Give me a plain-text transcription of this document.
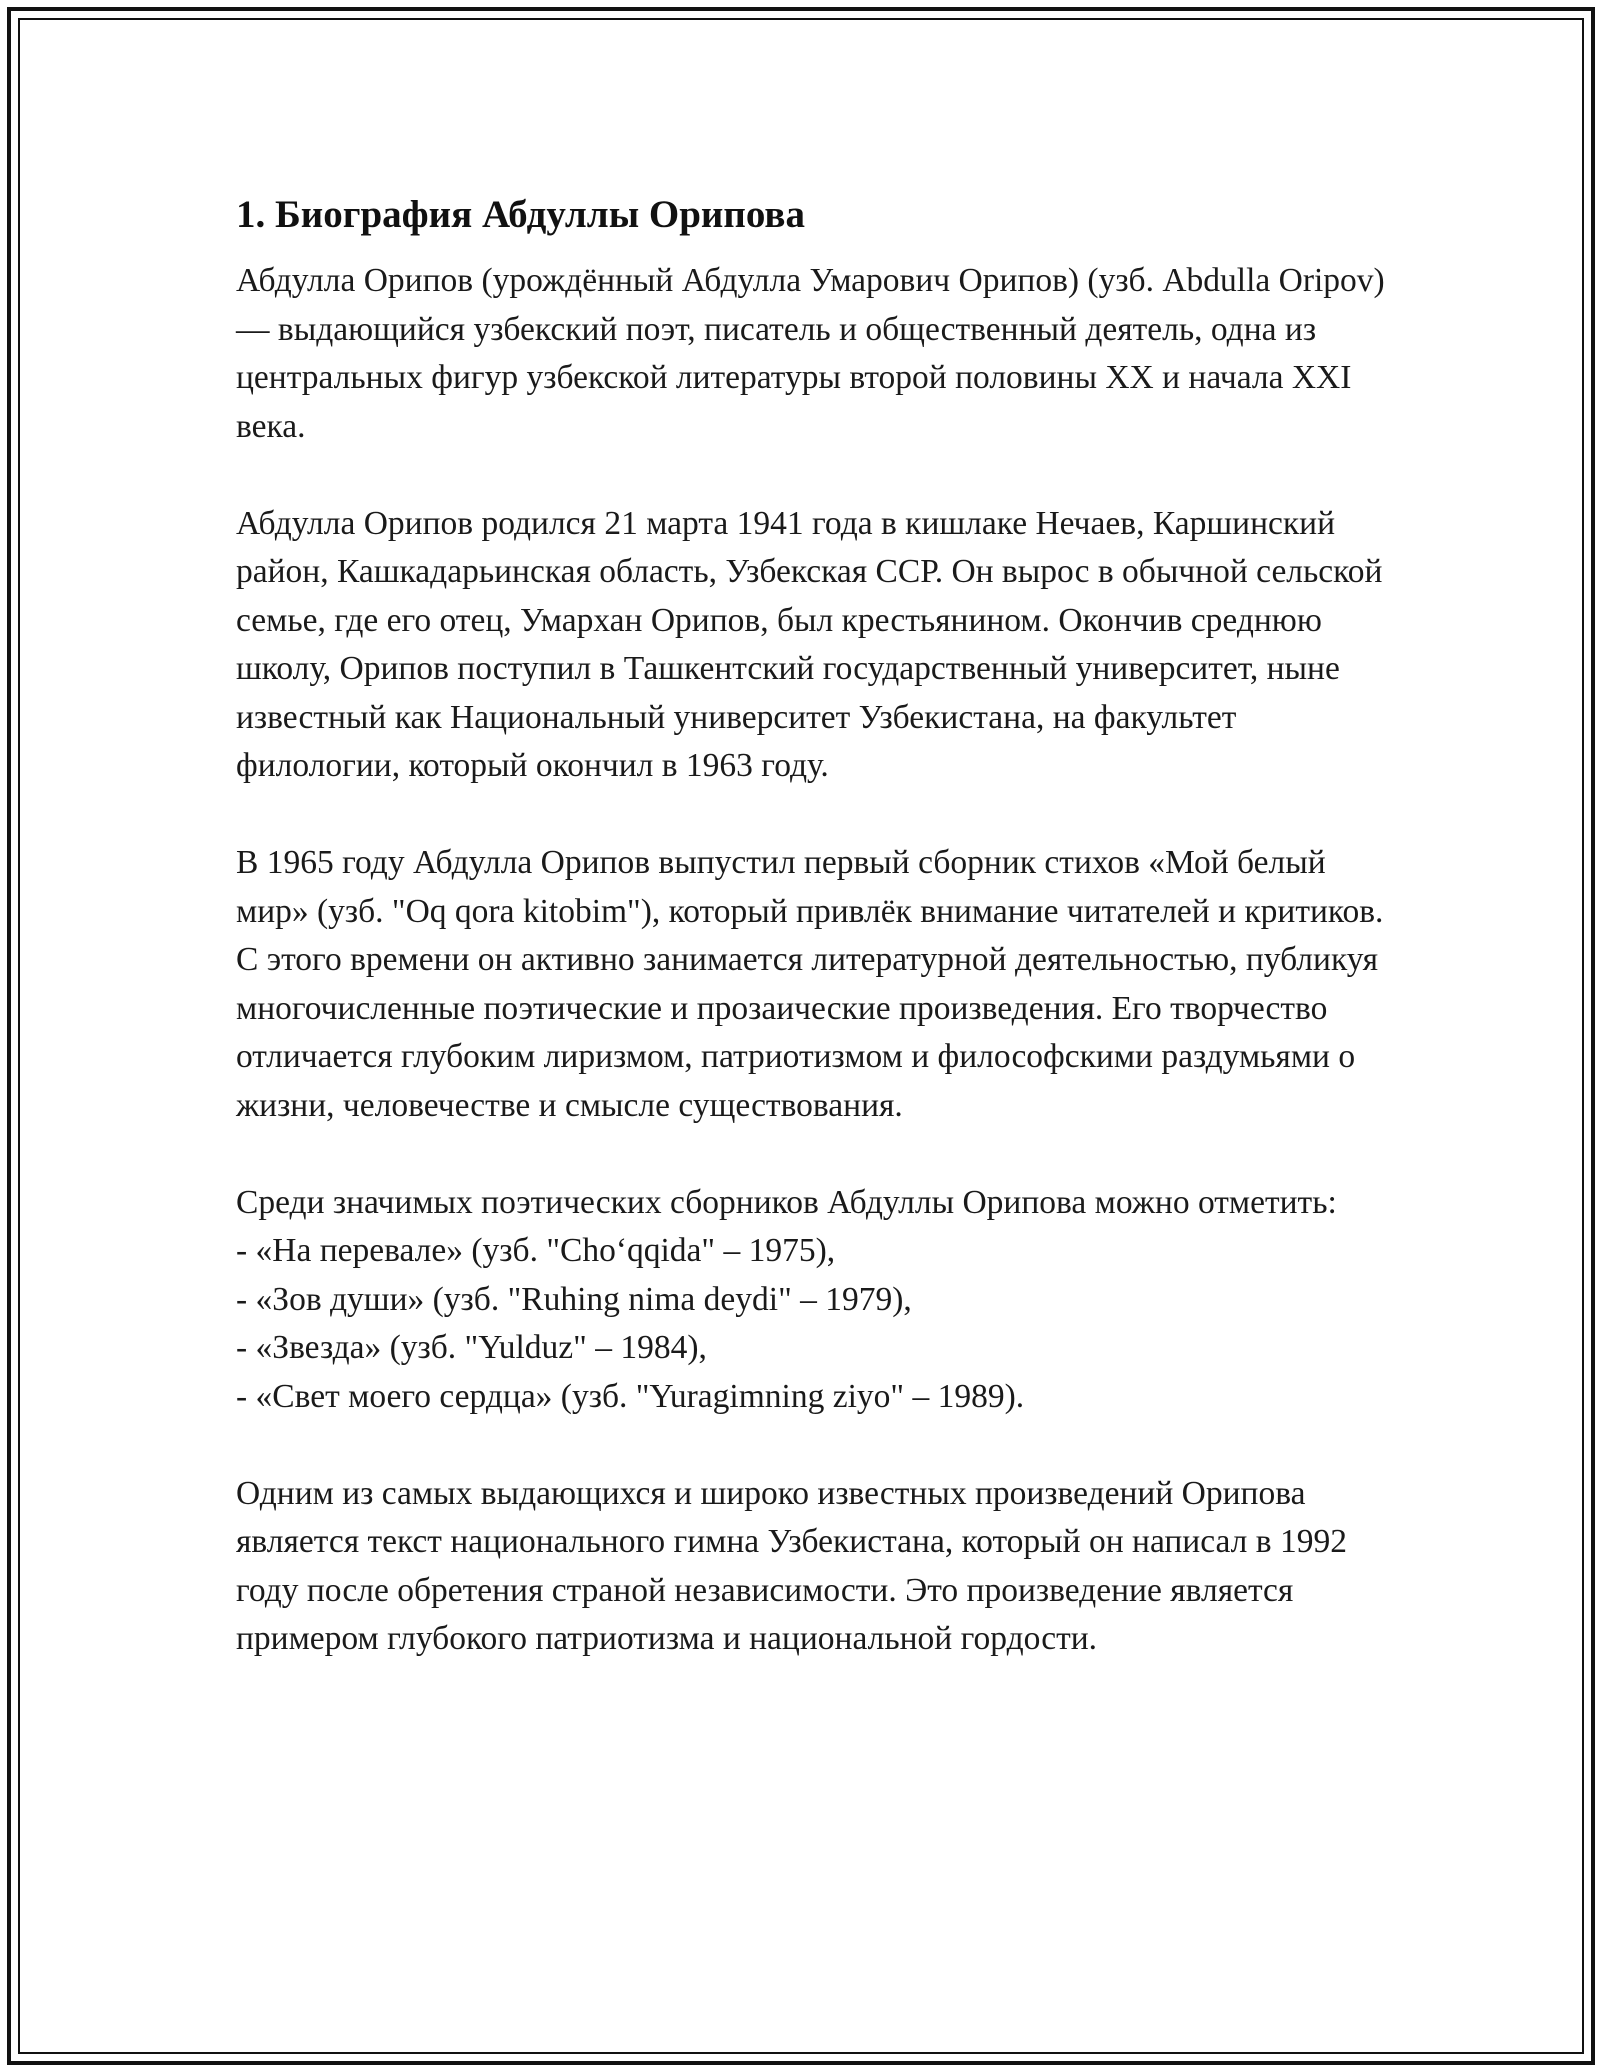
1. Биография Абдуллы Орипова

Абдулла Орипов (урождённый Абдулла Умарович Орипов) (узб. Abdulla Oripov) — выдающийся узбекский поэт, писатель и общественный деятель, одна из центральных фигур узбекской литературы второй половины XX и начала XXI века.

Абдулла Орипов родился 21 марта 1941 года в кишлаке Нечаев, Каршинский район, Кашкадарьинская область, Узбекская ССР. Он вырос в обычной сельской семье, где его отец, Умархан Орипов, был крестьянином. Окончив среднюю школу, Орипов поступил в Ташкентский государственный университет, ныне известный как Национальный университет Узбекистана, на факультет филологии, который окончил в 1963 году.

В 1965 году Абдулла Орипов выпустил первый сборник стихов «Мой белый мир» (узб. "Oq qora kitobim"), который привлёк внимание читателей и критиков. С этого времени он активно занимается литературной деятельностью, публикуя многочисленные поэтические и прозаические произведения. Его творчество отличается глубоким лиризмом, патриотизмом и философскими раздумьями о жизни, человечестве и смысле существования.

Среди значимых поэтических сборников Абдуллы Орипова можно отметить:
- «На перевале» (узб. "Cho‘qqida" – 1975),
- «Зов души» (узб. "Ruhing nima deydi" – 1979),
- «Звезда» (узб. "Yulduz" – 1984),
- «Свет моего сердца» (узб. "Yuragimning ziyo" – 1989).

Одним из самых выдающихся и широко известных произведений Орипова является текст национального гимна Узбекистана, который он написал в 1992 году после обретения страной независимости. Это произведение является примером глубокого патриотизма и национальной гордости.
